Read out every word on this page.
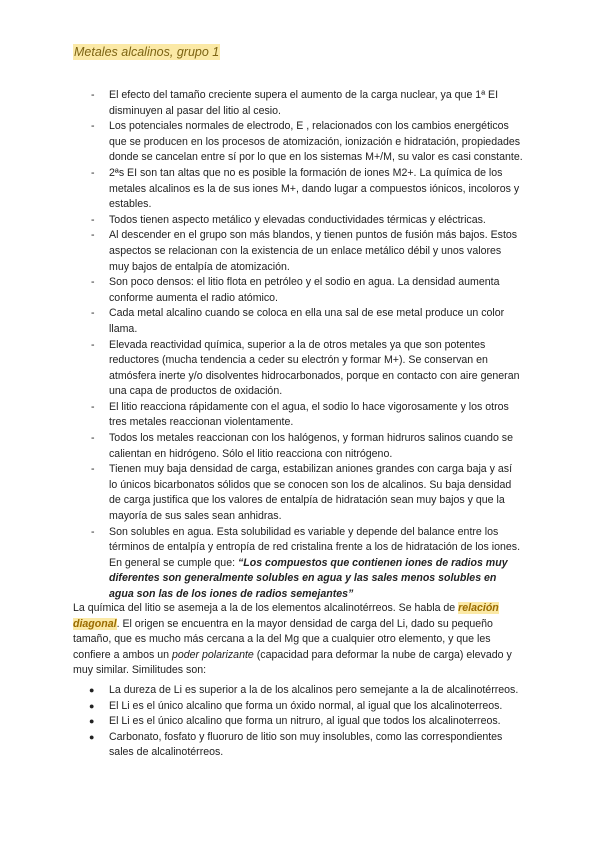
Metales alcalinos, grupo 1
- El efecto del tamaño creciente supera el aumento de la carga nuclear, ya que 1ª EI disminuyen al pasar del litio al cesio.
- Los potenciales normales de electrodo, E , relacionados con los cambios energéticos que se producen en los procesos de atomización, ionización e hidratación, propiedades donde se cancelan entre sí por lo que en los sistemas M+/M, su valor es casi constante.
- 2ªs EI son tan altas que no es posible la formación de iones M2+. La química de los metales alcalinos es la de sus iones M+, dando lugar a compuestos iónicos, incoloros y estables.
- Todos tienen aspecto metálico y elevadas conductividades térmicas y eléctricas.
- Al descender en el grupo son más blandos, y tienen puntos de fusión más bajos. Estos aspectos se relacionan con la existencia de un enlace metálico débil y unos valores muy bajos de entalpía de atomización.
- Son poco densos: el litio flota en petróleo y el sodio en agua. La densidad aumenta conforme aumenta el radio atómico.
- Cada metal alcalino cuando se coloca en ella una sal de ese metal produce un color llama.
- Elevada reactividad química, superior a la de otros metales ya que son potentes reductores (mucha tendencia a ceder su electrón y formar M+). Se conservan en atmósfera inerte y/o disolventes hidrocarbonados, porque en contacto con aire generan una capa de productos de oxidación.
- El litio reacciona rápidamente con el agua, el sodio lo hace vigorosamente y los otros tres metales reaccionan violentamente.
- Todos los metales reaccionan con los halógenos, y forman hidruros salinos cuando se calientan en hidrógeno. Sólo el litio reacciona con nitrógeno.
- Tienen muy baja densidad de carga, estabilizan aniones grandes con carga baja y así lo únicos bicarbonatos sólidos que se conocen son los de alcalinos. Su baja densidad de carga justifica que los valores de entalpía de hidratación sean muy bajos y que la mayoría de sus sales sean anhidras.
- Son solubles en agua. Esta solubilidad es variable y depende del balance entre los términos de entalpía y entropía de red cristalina frente a los de hidratación de los iones. En general se cumple que: “Los compuestos que contienen iones de radios muy diferentes son generalmente solubles en agua y las sales menos solubles en agua son las de los iones de radios semejantes”

La química del litio se asemeja a la de los elementos alcalinotérreos. Se habla de relación diagonal. El origen se encuentra en la mayor densidad de carga del Li, dado su pequeño tamaño, que es mucho más cercana a la del Mg que a cualquier otro elemento, y que les confiere a ambos un poder polarizante (capacidad para deformar la nube de carga) elevado y muy similar. Similitudes son:

● La dureza de Li es superior a la de los alcalinos pero semejante a la de alcalinotérreos.
● El Li es el único alcalino que forma un óxido normal, al igual que los alcalinoterreos.
● El Li es el único alcalino que forma un nitruro, al igual que todos los alcalinoterreos.
● Carbonato, fosfato y fluoruro de litio son muy insolubles, como las correspondientes sales de alcalinotérreos.
